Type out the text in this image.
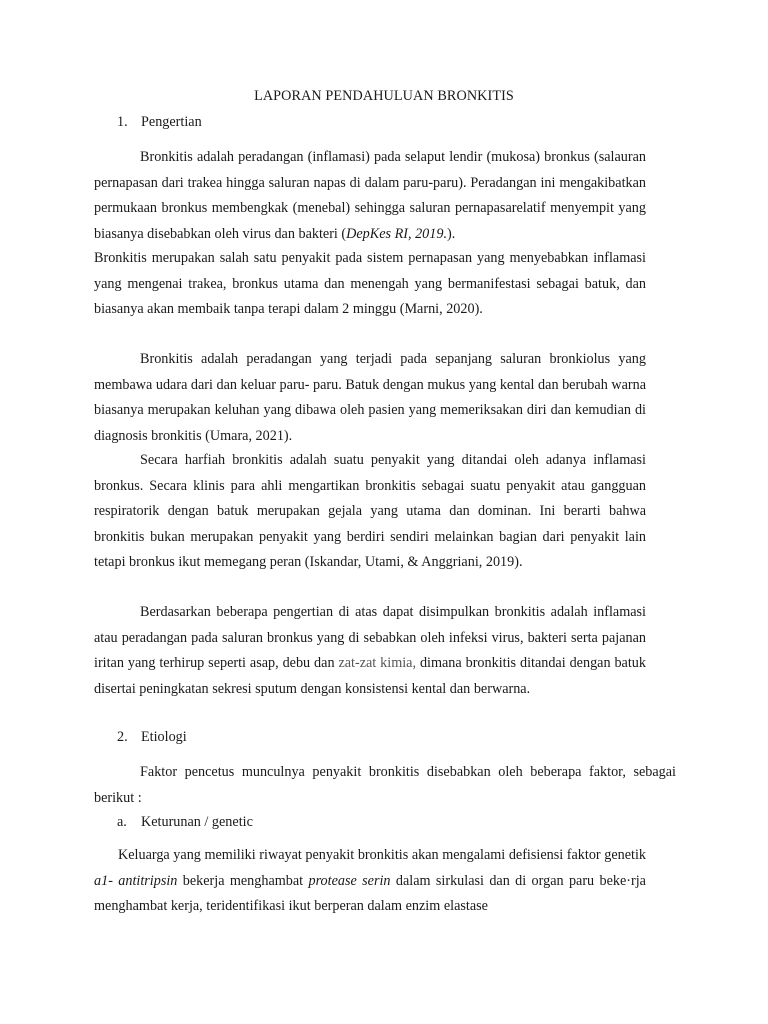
LAPORAN PENDAHULUAN BRONKITIS
1. Pengertian

Bronkitis adalah peradangan (inflamasi) pada selaput lendir (mukosa) bronkus (salauran pernapasan dari trakea hingga saluran napas di dalam paru-paru). Peradangan ini mengakibatkan permukaan bronkus membengkak (menebal) sehingga saluran pernapasarelatif menyempit yang biasanya disebabkan oleh virus dan bakteri (DepKes RI, 2019.).

Bronkitis merupakan salah satu penyakit pada sistem pernapasan yang menyebabkan inflamasi yang mengenai trakea, bronkus utama dan menengah yang bermanifestasi sebagai batuk, dan biasanya akan membaik tanpa terapi dalam 2 minggu (Marni, 2020).

Bronkitis adalah peradangan yang terjadi pada sepanjang saluran bronkiolus yang membawa udara dari dan keluar paru- paru. Batuk dengan mukus yang kental dan berubah warna biasanya merupakan keluhan yang dibawa oleh pasien yang memeriksakan diri dan kemudian di diagnosis bronkitis (Umara, 2021).

Secara harfiah bronkitis adalah suatu penyakit yang ditandai oleh adanya inflamasi bronkus. Secara klinis para ahli mengartikan bronkitis sebagai suatu penyakit atau gangguan respiratorik dengan batuk merupakan gejala yang utama dan dominan. Ini berarti bahwa bronkitis bukan merupakan penyakit yang berdiri sendiri melainkan bagian dari penyakit lain tetapi bronkus ikut memegang peran (Iskandar, Utami, & Anggriani, 2019).

Berdasarkan beberapa pengertian di atas dapat disimpulkan bronkitis adalah inflamasi atau peradangan pada saluran bronkus yang di sebabkan oleh infeksi virus, bakteri serta pajanan iritan yang terhirup seperti asap, debu dan zat-zat kimia, dimana bronkitis ditandai dengan batuk disertai peningkatan sekresi sputum dengan konsistensi kental dan berwarna.

2. Etiologi

Faktor pencetus munculnya penyakit bronkitis disebabkan oleh beberapa faktor, sebagai berikut :

a. Keturunan / genetic

Keluarga yang memiliki riwayat penyakit bronkitis akan mengalami defisiensi faktor genetik a1- antitripsin bekerja menghambat protease serin dalam sirkulasi dan di organ paru beke·rja menghambat kerja, teridentifikasi ikut berperan dalam enzim elastase
